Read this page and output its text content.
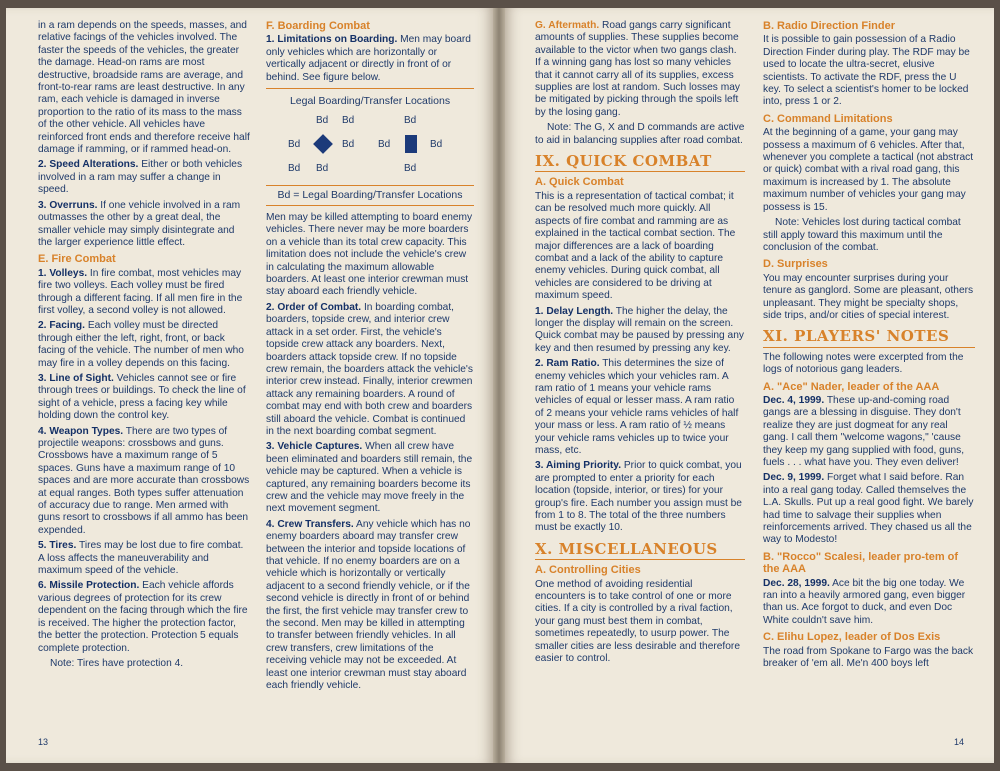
in a ram depends on the speeds, masses, and relative facings of the vehicles involved. The faster the speeds of the vehicles, the greater the damage. Head-on rams are most destructive, broadside rams are average, and front-to-rear rams are least destructive. In any ram, each vehicle is damaged in inverse proportion to the ratio of its mass to the mass of the other vehicle. All vehicles have reinforced front ends and therefore receive half damage if ramming, or if rammed head-on.

2. Speed Alterations. Either or both vehicles involved in a ram may suffer a change in speed.

3. Overruns. If one vehicle involved in a ram outmasses the other by a great deal, the smaller vehicle may simply disintegrate and the larger experience little effect.

E. Fire Combat

1. Volleys. In fire combat, most vehicles may fire two volleys. Each volley must be fired through a different facing. If all men fire in the first volley, a second volley is not allowed.

2. Facing. Each volley must be directed through either the left, right, front, or back facing of the vehicle. The number of men who may fire in a volley depends on this facing.

3. Line of Sight. Vehicles cannot see or fire through trees or buildings. To check the line of sight of a vehicle, press a facing key while holding down the control key.

4. Weapon Types. There are two types of projectile weapons: crossbows and guns. Crossbows have a maximum range of 5 spaces. Guns have a maximum range of 10 spaces and are more accurate than crossbows at equal ranges. Both types suffer attenuation of accuracy due to range. Men armed with guns resort to crossbows if all ammo has been expended.

5. Tires. Tires may be lost due to fire combat. A loss affects the maneuverability and maximum speed of the vehicle.

6. Missile Protection. Each vehicle affords various degrees of protection for its crew dependent on the facing through which the fire is received. The higher the protection factor, the better the protection. Protection 5 equals complete protection.

Note: Tires have protection 4.

F. Boarding Combat

1. Limitations on Boarding. Men may board only vehicles which are horizontally or vertically adjacent or directly in front of or behind. See figure below.

Legal Boarding/Transfer Locations
Bd Bd
Bd	Bd
Bd Bd
Bd
Bd	Bd
Bd
Bd = Legal Boarding/Transfer Locations

Men may be killed attempting to board enemy vehicles. There never may be more boarders on a vehicle than its total crew capacity. This limitation does not include the vehicle's crew in calculating the maximum allowable boarders. At least one interior crewman must stay aboard each friendly vehicle.

2. Order of Combat. In boarding combat, boarders, topside crew, and interior crew attack in a set order. First, the vehicle's topside crew attack any boarders. Next, boarders attack topside crew. If no topside crew remain, the boarders attack the vehicle's interior crew instead. Finally, interior crewmen attack any remaining boarders. A round of combat may end with both crew and boarders still aboard the vehicle. Combat is continued in the next boarding combat segment.

3. Vehicle Captures. When all crew have been eliminated and boarders still remain, the vehicle may be captured. When a vehicle is captured, any remaining boarders become its crew and the vehicle may move freely in the next movement segment.

4. Crew Transfers. Any vehicle which has no enemy boarders aboard may transfer crew between the interior and topside locations of that vehicle. If no enemy boarders are on a vehicle which is horizontally or vertically adjacent to a second friendly vehicle, or if the second vehicle is directly in front of or behind the first, the first vehicle may transfer crew to the second. Men may be killed in attempting to transfer between friendly vehicles. In all crew transfers, crew limitations of the receiving vehicle may not be exceeded. At least one interior crewman must stay aboard each friendly vehicle.

13

G. Aftermath. Road gangs carry significant amounts of supplies. These supplies become available to the victor when two gangs clash. If a winning gang has lost so many vehicles that it cannot carry all of its supplies, excess supplies are lost at random. Such losses may be mitigated by picking through the spoils left by the losing gang.

Note: The G, X and D commands are active to aid in balancing supplies after road combat.

IX. QUICK COMBAT
A. Quick Combat

This is a representation of tactical combat; it can be resolved much more quickly. All aspects of fire combat and ramming are as explained in the tactical combat section. The major differences are a lack of boarding combat and a lack of the ability to capture enemy vehicles. During quick combat, all vehicles are considered to be driving at maximum speed.

1. Delay Length. The higher the delay, the longer the display will remain on the screen. Quick combat may be paused by pressing any key and then resumed by pressing any key.

2. Ram Ratio. This determines the size of enemy vehicles which your vehicles ram. A ram ratio of 1 means your vehicle rams vehicles of equal or lesser mass. A ram ratio of 2 means your vehicle rams vehicles of half your mass or less. A ram ratio of ½ means your vehicle rams vehicles up to twice your mass, etc.

3. Aiming Priority. Prior to quick combat, you are prompted to enter a priority for each location (topside, interior, or tires) for your group's fire. Each number you assign must be from 1 to 8. The total of the three numbers must be exactly 10.

X. MISCELLANEOUS
A. Controlling Cities

One method of avoiding residential encounters is to take control of one or more cities. If a city is controlled by a rival faction, your gang must best them in combat, sometimes repeatedly, to usurp power. The smaller cities are less desirable and therefore easier to control.

B. Radio Direction Finder

It is possible to gain possession of a Radio Direction Finder during play. The RDF may be used to locate the ultra-secret, elusive scientists. To activate the RDF, press the U key. To select a scientist's homer to be locked into, press 1 or 2.

C. Command Limitations

At the beginning of a game, your gang may possess a maximum of 6 vehicles. After that, whenever you complete a tactical (not abstract or quick) combat with a rival road gang, this maximum is increased by 1. The absolute maximum number of vehicles your gang may possess is 15.

Note: Vehicles lost during tactical combat still apply toward this maximum until the conclusion of the combat.

D. Surprises

You may encounter surprises during your tenure as ganglord. Some are pleasant, others unpleasant. They might be specialty shops, side trips, and/or cities of special interest.

XI. PLAYERS' NOTES

The following notes were excerpted from the logs of notorious gang leaders.

A. "Ace" Nader, leader of the AAA

Dec. 4, 1999. These up-and-coming road gangs are a blessing in disguise. They don't realize they are just dogmeat for any real gang. I call them "welcome wagons," 'cause they keep my gang supplied with food, guns, fuels . . . what have you. They even deliver!

Dec. 9, 1999. Forget what I said before. Ran into a real gang today. Called themselves the L.A. Skulls. Put up a real good fight. We barely had time to salvage their supplies when reinforcements arrived. They chased us all the way to Modesto!

B. "Rocco" Scalesi, leader pro-tem of the AAA

Dec. 28, 1999. Ace bit the big one today. We ran into a heavily armored gang, even bigger than us. Ace forgot to duck, and even Doc White couldn't save him.

C. Elihu Lopez, leader of Dos Exis

The road from Spokane to Fargo was the back breaker of 'em all. Me'n 400 boys left

14
